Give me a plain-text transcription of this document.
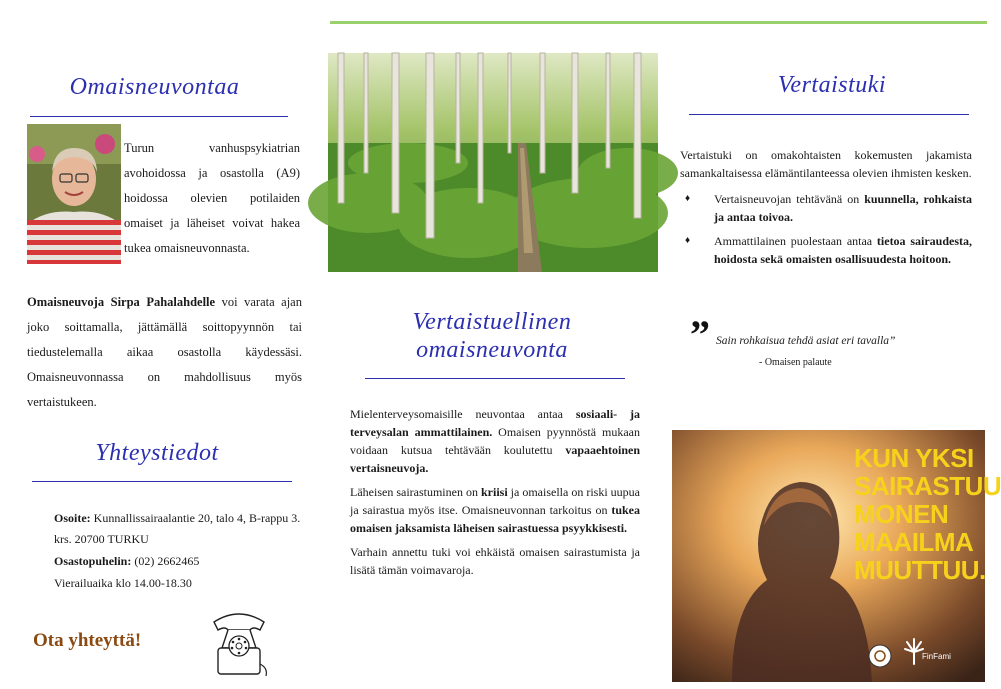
Omaisneuvontaa

Turun vanhuspsykiatrian avohoidossa ja osastolla (A9) hoidossa olevien potilaiden omaiset ja läheiset voivat hakea tukea omaisneuvonnasta.

Omaisneuvoja Sirpa Pahalahdelle voi varata ajan joko soittamalla, jättämällä soittopyynnön tai tiedustelemalla aikaa osastolla käydessäsi. Omaisneuvonnassa on mahdollisuus myös vertaistukeen.

Yhteystiedot
Osoite: Kunnallissairaalantie 20, talo 4, B-rappu 3. krs. 20700 TURKU
Osastopuhelin: (02) 2662465
Vierailuaika klo 14.00-18.30
Ota yhteyttä!
Vertaistuellinen omaisneuvonta

Mielenterveysomaisille neuvontaa antaa sosiaali- ja terveysalan ammattilainen. Omaisen pyynnöstä mukaan voidaan kutsua tehtävään koulutettu vapaaehtoinen vertaisneuvoja.

Läheisen sairastuminen on kriisi ja omaisella on riski uupua ja sairastua myös itse. Omaisneuvonnan tarkoitus on tukea omaisen jaksamista läheisen sairastuessa psyykkisesti.

Varhain annettu tuki voi ehkäistä omaisen sairastumista ja lisätä tämän voimavaroja.

Vertaistuki

Vertaistuki on omakohtaisten kokemusten jakamista samankaltaisessa elämäntilanteessa olevien ihmisten kesken.

♦ Vertaisneuvojan tehtävänä on kuunnella, rohkaista ja antaa toivoa.
♦ Ammattilainen puolestaan antaa tietoa sairaudesta, hoidosta sekä omaisten osallisuudesta hoitoon.
” Sain rohkaisua tehdä asiat eri tavalla”
- Omaisen palaute
KUN YKSI
SAIRASTUU
MONEN
MAAILMA
MUUTTUU.
FinFami
